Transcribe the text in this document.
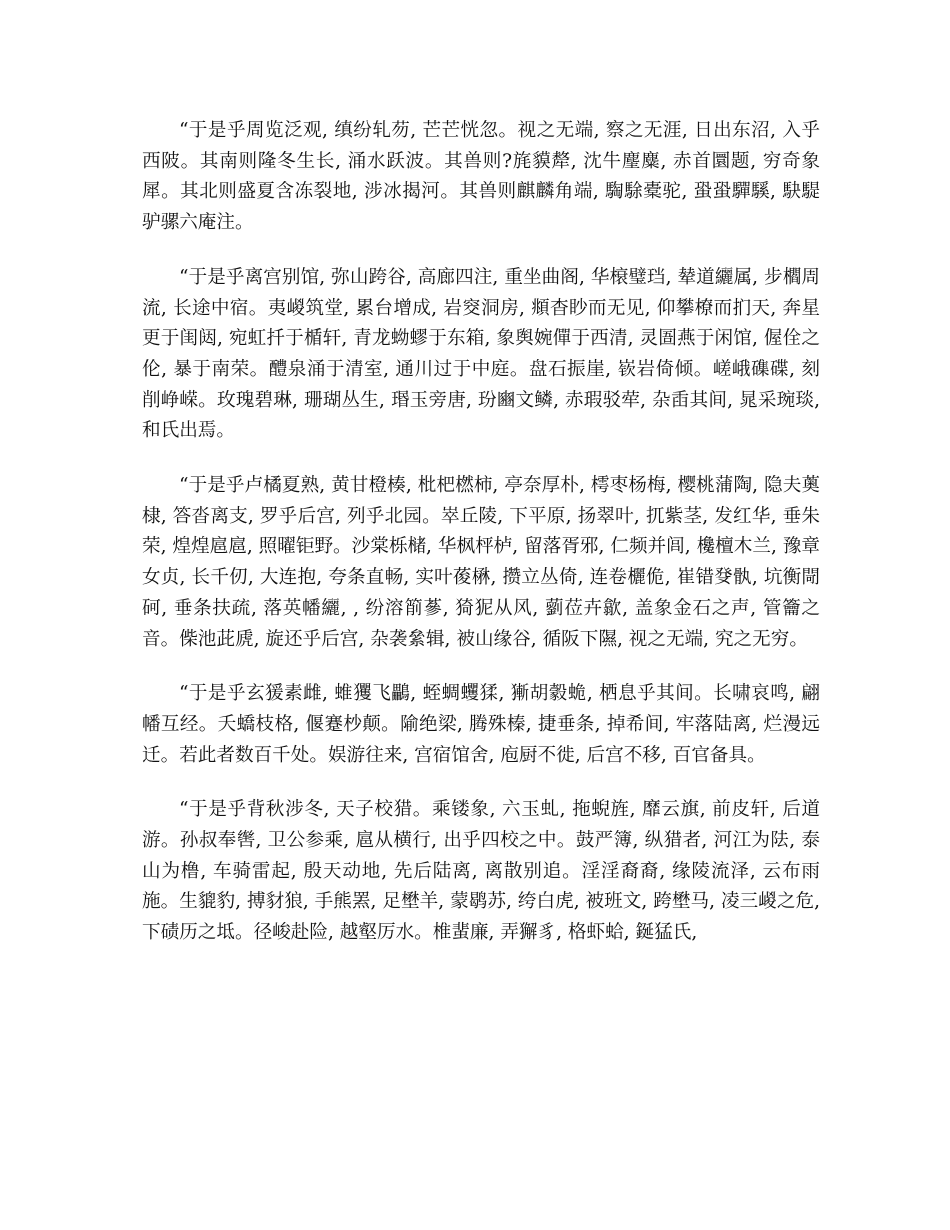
“于是乎周览泛观, 缜纷轧芴, 芒芒恍忽。视之无端, 察之无涯, 日出东沼, 入乎西陂。其南则隆冬生长, 涌水跃波。其兽则?旄貘犛, 沈牛麈麋, 赤首圜题, 穷奇象犀。其北则盛夏含冻裂地, 涉冰揭河。其兽则麒麟角端, 騊駼橐驼, 蛩蛩驒騱, 駃騠驴骡六庵注。

“于是乎离宫别馆, 弥山跨谷, 高廊四注, 重坐曲阁, 华榱璧珰, 辇道纚属, 步櫩周流, 长途中宿。夷嵕筑堂, 累台增成, 岩窔洞房, 頫杳眇而无见, 仰攀橑而扪天, 奔星更于闺闼, 宛虹扦于楯轩, 青龙蚴蟉于东箱, 象舆婉僤于西清, 灵圄燕于闲馆, 偓佺之伦, 暴于南荣。醴泉涌于清室, 通川过于中庭。盘石振崖, 嵚岩倚倾。嵯峨磼碟, 刻削峥嵘。玫瑰碧琳, 珊瑚丛生, 瑉玉旁唐, 玢豳文鳞, 赤瑕驳荦, 杂臿其间, 晁采琬琰, 和氏出焉。

“于是乎卢橘夏熟, 黄甘橙楱, 枇杷橪柿, 亭奈厚朴, 樗枣杨梅, 樱桃蒲陶, 隐夫薁棣, 答沓离支, 罗乎后宫, 列乎北园。崒丘陵, 下平原, 扬翠叶, 扤紫茎, 发红华, 垂朱荣, 煌煌扈扈, 照曜钜野。沙棠栎槠, 华枫枰栌, 留落胥邪, 仁频并闾, 欃檀木兰, 豫章女贞, 长千仞, 大连抱, 夸条直畅, 实叶葰楙, 攒立丛倚, 连卷欐佹, 崔错癹骫, 坑衡閜砢, 垂条扶疏, 落英幡纚, , 纷溶箾蔘, 猗狔从风, 藰莅卉歙, 盖象金石之声, 管籥之音。偨池茈虒, 旋还乎后宫, 杂袭絫辑, 被山缘谷, 循阪下隰, 视之无端, 究之无穷。

“于是乎玄猨素雌, 蜼玃飞鸓, 蛭蜩蠼猱, 獑胡豰蛫, 栖息乎其间。长啸哀鸣, 翩幡互经。夭蟜枝格, 偃蹇杪颠。隃绝梁, 腾殊榛, 捷垂条, 掉希间, 牢落陆离, 烂漫远迁。若此者数百千处。娱游往来, 宫宿馆舍, 庖厨不徙, 后宫不移, 百官备具。

“于是乎背秋涉冬, 天子校猎。乘镂象, 六玉虬, 拖蜺旌, 靡云旗, 前皮轩, 后道游。孙叔奉辔, 卫公参乘, 扈从横行, 出乎四校之中。鼓严簿, 纵猎者, 河江为阹, 泰山为橹, 车骑雷起, 殷天动地, 先后陆离, 离散别追。淫淫裔裔, 缘陵流泽, 云布雨施。生貔豹, 搏豺狼, 手熊罴, 足壄羊, 蒙鹖苏, 绔白虎, 被班文, 跨壄马, 凌三嵕之危, 下碛历之坻。径峻赴险, 越壑厉水。椎蜚廉, 弄獬豸, 格虾蛤, 鋋猛氏,
